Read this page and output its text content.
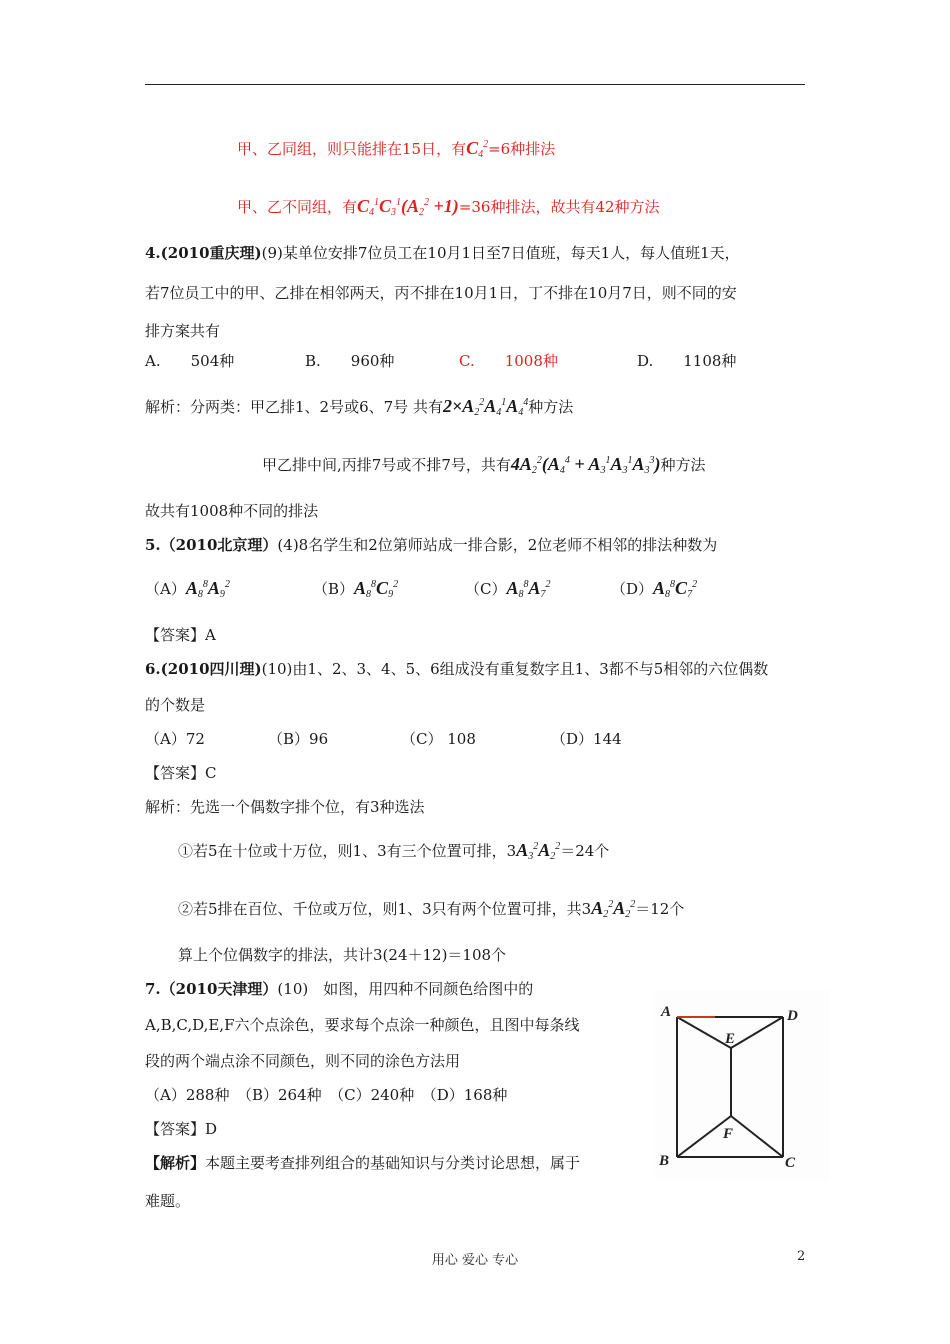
甲、乙同组，则只能排在15日，有$C_4^2=6$种排法
甲、乙不同组，有$C_4^1C_3^1(A_2^2 +1)=36$种排法，故共有42种方法
4.(2010重庆理)(9)某单位安排7位员工在10月1日至7日值班，每天1人，每人值班1天，
若7位员工中的甲、乙排在相邻两天，丙不排在10月1日，丁不排在10月7日，则不同的安
排方案共有
A.　　504种	B.　　960种	C.　　1008种	D.　　1108种
解析：分两类：甲乙排1、2号或6、7号 共有$2\times A_2^2A_4^1A_4^4$种方法
甲乙排中间,丙排7号或不排7号，共有$4A_2^2(A_4^4 + A_3^1A_3^1A_3^3)$种方法
故共有1008种不同的排法
5.（2010北京理）(4)8名学生和2位第师站成一排合影，2位老师不相邻的排法种数为
$(A)A_8^8A_9^2$	$(B)A_8^8C_9^2$	$(C)A_8^8A_7^2$	$(D)A_8^8C_7^2$
【答案】A
6.(2010四川理)(10)由1、2、3、4、5、6组成没有重复数字且1、3都不与5相邻的六位偶数
的个数是
（A）72	（B）96	（C） 108	（D）144
【答案】C
解析：先选一个偶数字排个位，有3种选法
①若5在十位或十万位，则1、3有三个位置可排，$3A_3^2A_2^2=24$个
②若5排在百位、千位或万位，则1、3只有两个位置可排，共$3A_2^2A_2^2=12$个
算上个位偶数字的排法，共计3(24＋12)＝108个
7.（2010天津理）(10)　如图，用四种不同颜色给图中的
A,B,C,D,E,F六个点涂色，要求每个点涂一种颜色，且图中每条线
段的两个端点涂不同颜色，则不同的涂色方法用
（A）288种　（B）264种　（C）240种　（D）168种
【答案】D
【解析】本题主要考查排列组合的基础知识与分类讨论思想，属于
难题。
A	D
E
F
B	C
用心 爱心 专心	2
